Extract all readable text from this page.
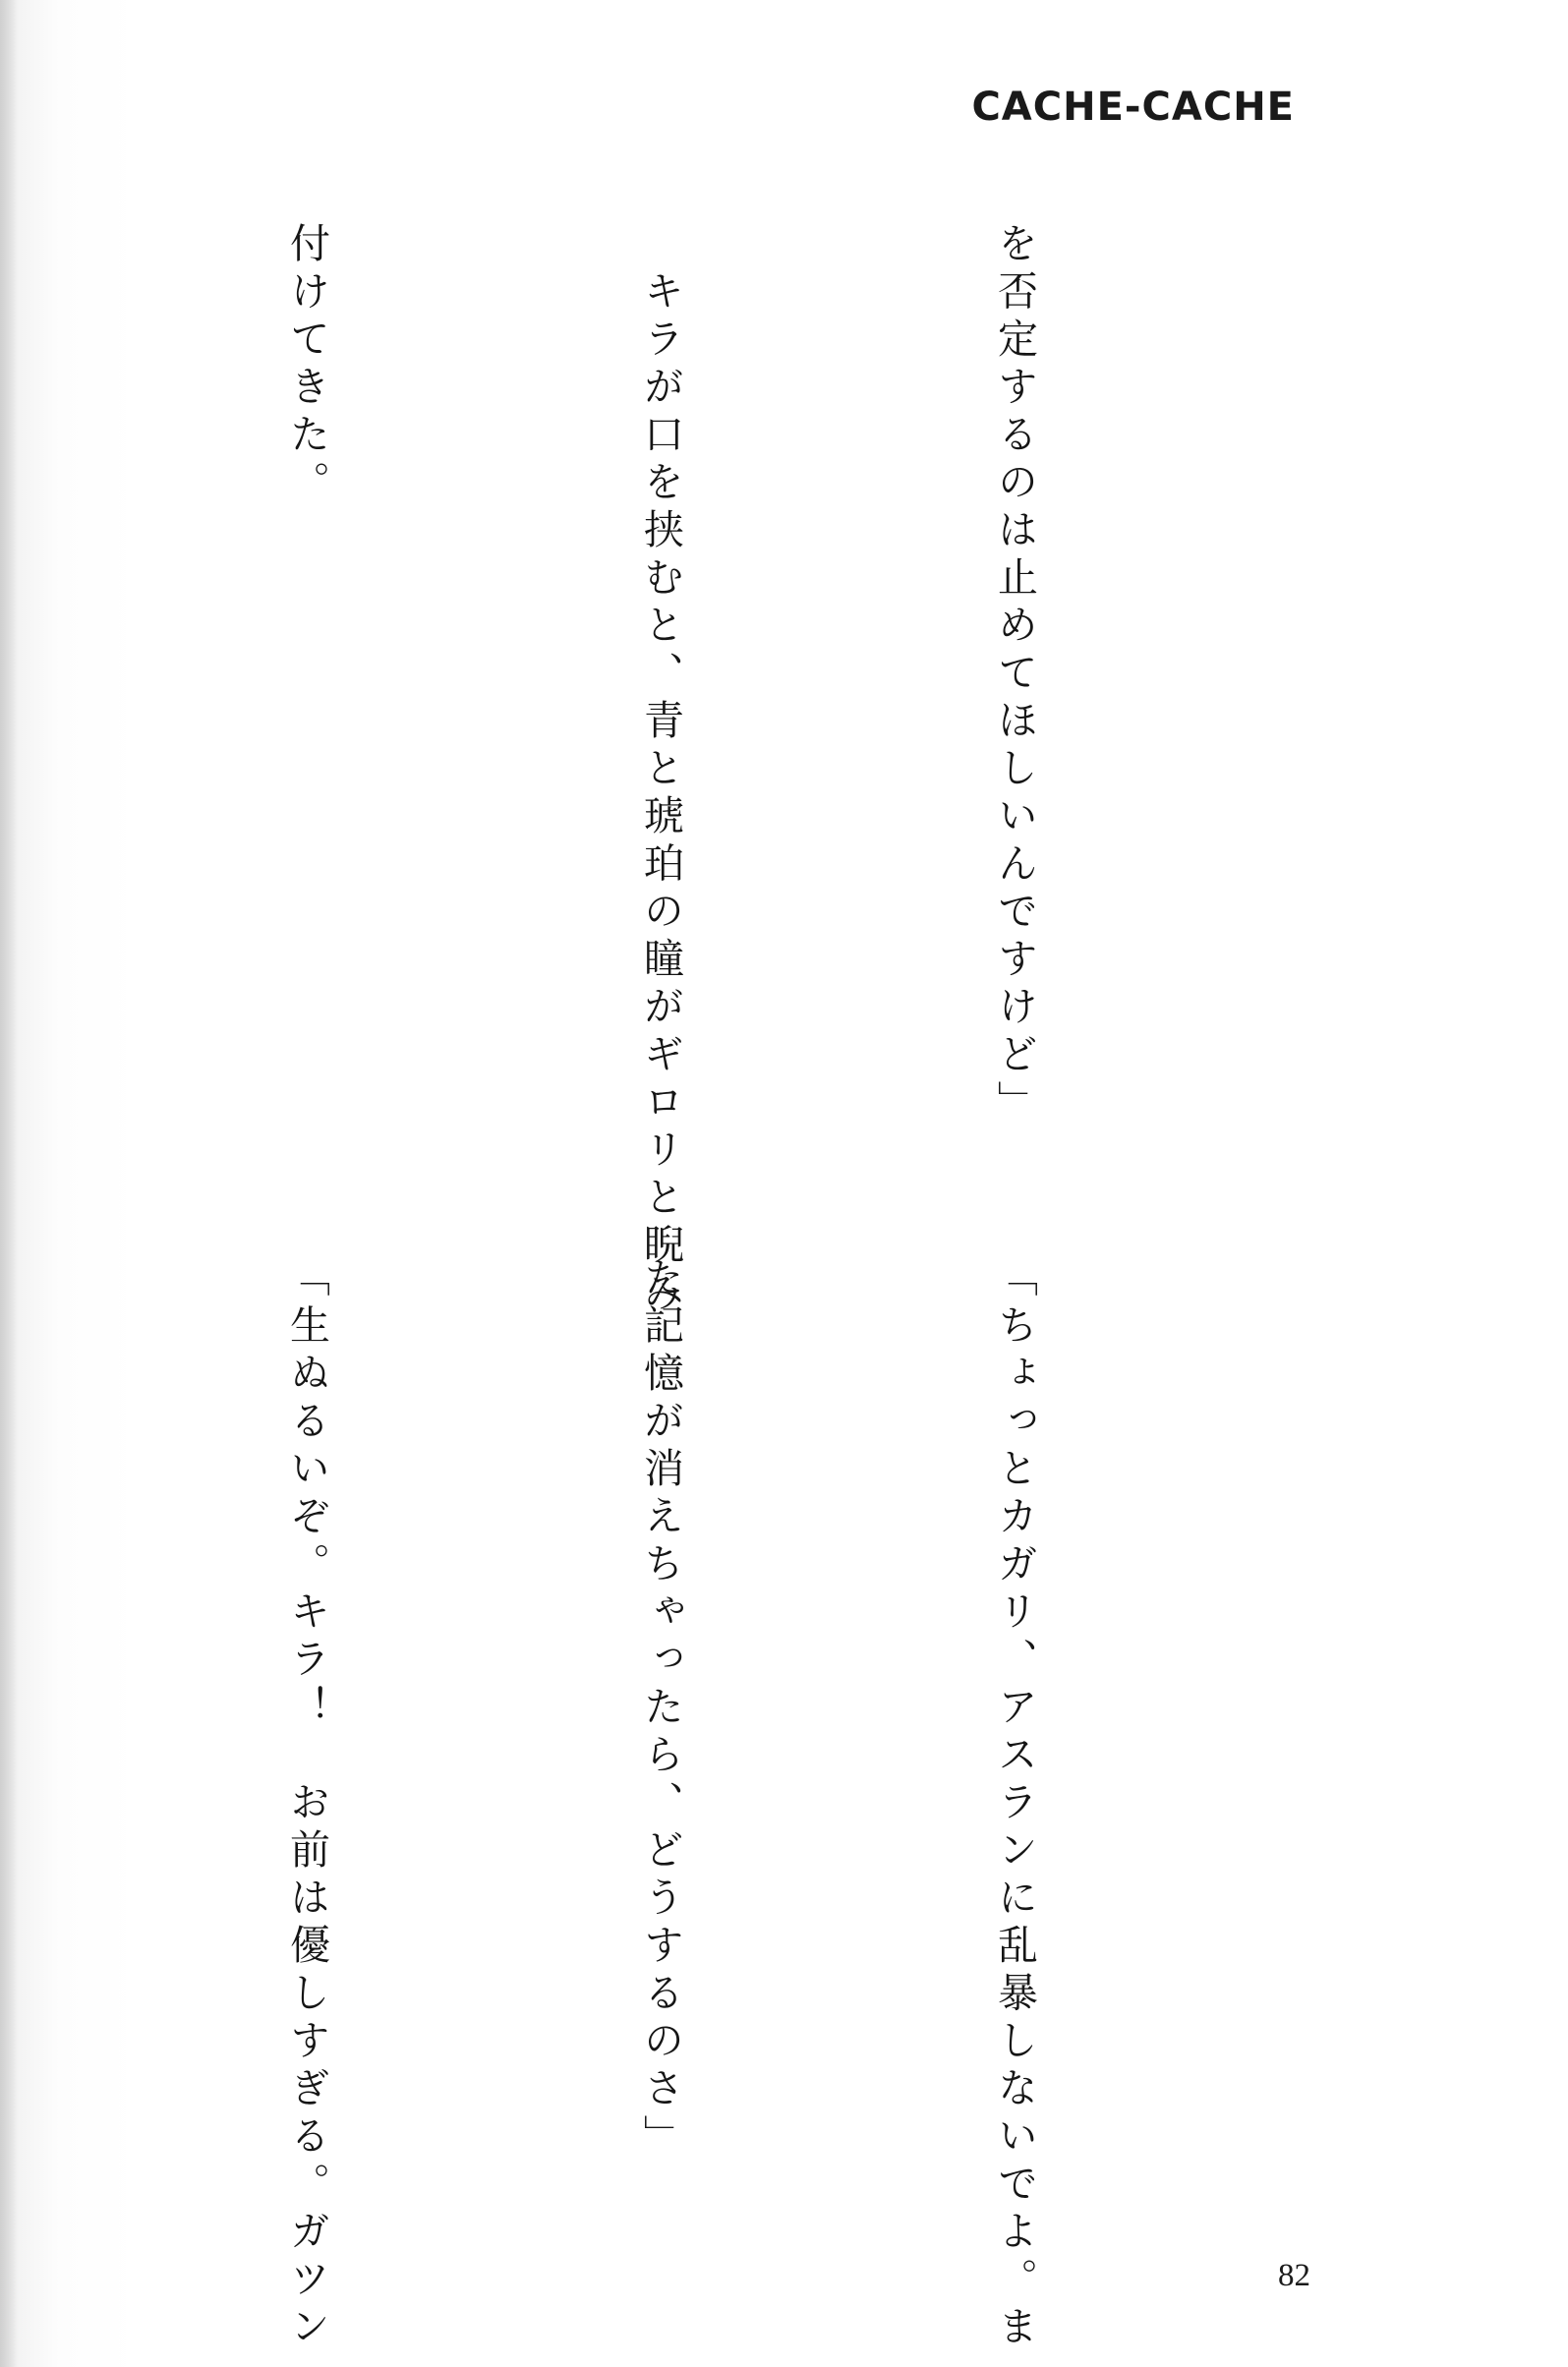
CACHE-CACHE

を否定するのは止めてほしいんですけど」

　キラが口を挟むと、青と琥珀の瞳がギロリと睨み

付けてきた。

「ちょっとカガリ、アスランに乱暴しないでよ。ま

た記憶が消えちゃったら、どうするのさ」

「生ぬるいぞ。キラ！　お前は優しすぎる。ガツン

	82
